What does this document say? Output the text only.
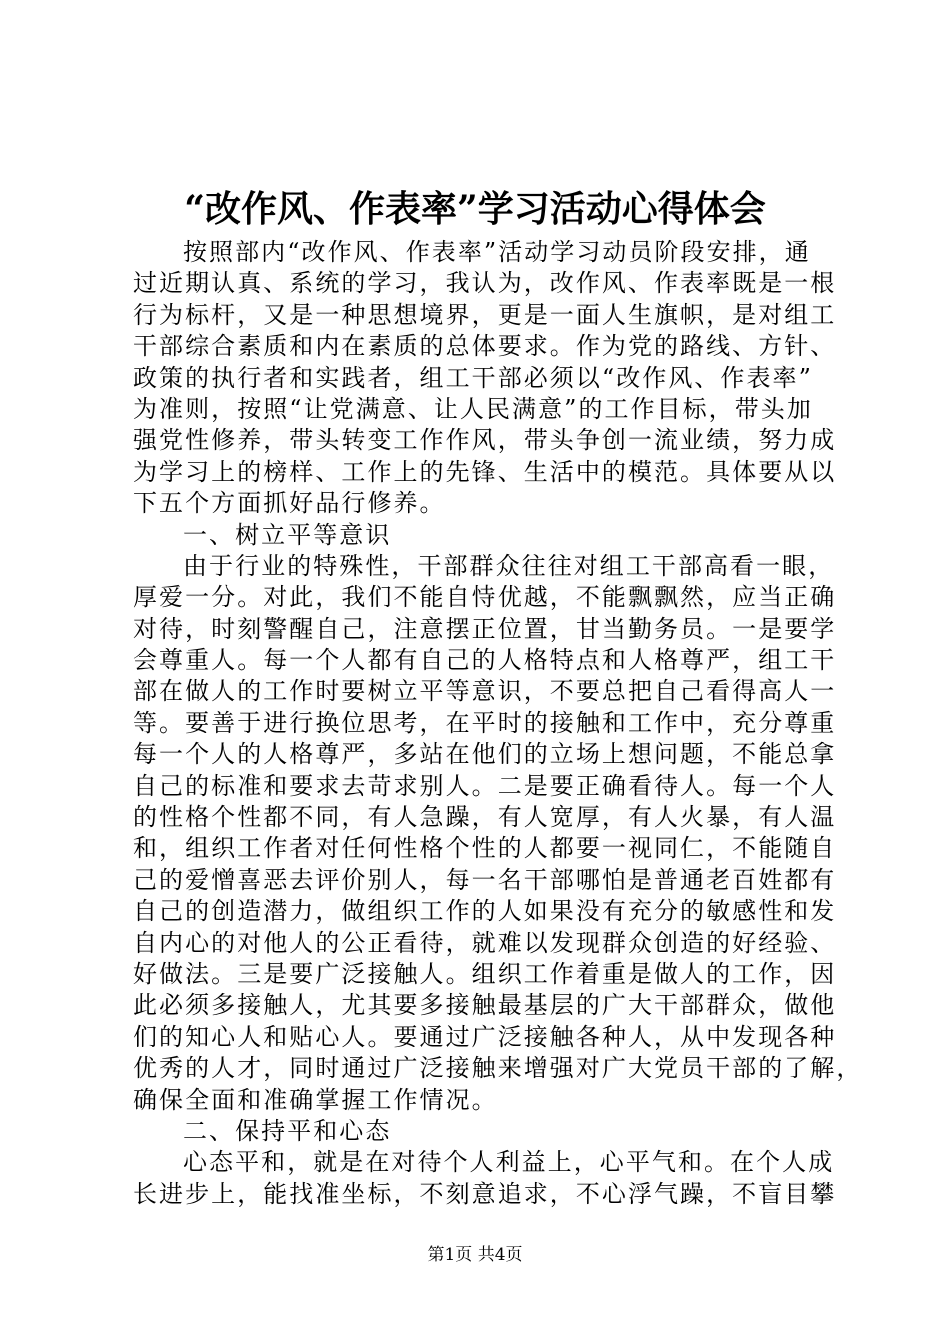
“改作风、作表率”学习活动心得体会
按照部内“改作风、作表率”活动学习动员阶段安排，通
过近期认真、系统的学习，我认为，改作风、作表率既是一根
行为标杆，又是一种思想境界，更是一面人生旗帜，是对组工
干部综合素质和内在素质的总体要求。作为党的路线、方针、
政策的执行者和实践者，组工干部必须以“改作风、作表率”
为准则，按照“让党满意、让人民满意”的工作目标，带头加
强党性修养，带头转变工作作风，带头争创一流业绩，努力成
为学习上的榜样、工作上的先锋、生活中的模范。具体要从以
下五个方面抓好品行修养。
一、树立平等意识
由于行业的特殊性，干部群众往往对组工干部高看一眼，
厚爱一分。对此，我们不能自恃优越，不能飘飘然，应当正确
对待，时刻警醒自己，注意摆正位置，甘当勤务员。一是要学
会尊重人。每一个人都有自己的人格特点和人格尊严，组工干
部在做人的工作时要树立平等意识，不要总把自己看得高人一
等。要善于进行换位思考，在平时的接触和工作中，充分尊重
每一个人的人格尊严，多站在他们的立场上想问题，不能总拿
自己的标准和要求去苛求别人。二是要正确看待人。每一个人
的性格个性都不同，有人急躁，有人宽厚，有人火暴，有人温
和，组织工作者对任何性格个性的人都要一视同仁，不能随自
己的爱憎喜恶去评价别人，每一名干部哪怕是普通老百姓都有
自己的创造潜力，做组织工作的人如果没有充分的敏感性和发
自内心的对他人的公正看待，就难以发现群众创造的好经验、
好做法。三是要广泛接触人。组织工作着重是做人的工作，因
此必须多接触人，尤其要多接触最基层的广大干部群众，做他
们的知心人和贴心人。要通过广泛接触各种人，从中发现各种
优秀的人才，同时通过广泛接触来增强对广大党员干部的了解，
确保全面和准确掌握工作情况。
二、保持平和心态
心态平和，就是在对待个人利益上，心平气和。在个人成
长进步上，能找准坐标，不刻意追求，不心浮气躁，不盲目攀
第1页 共4页
